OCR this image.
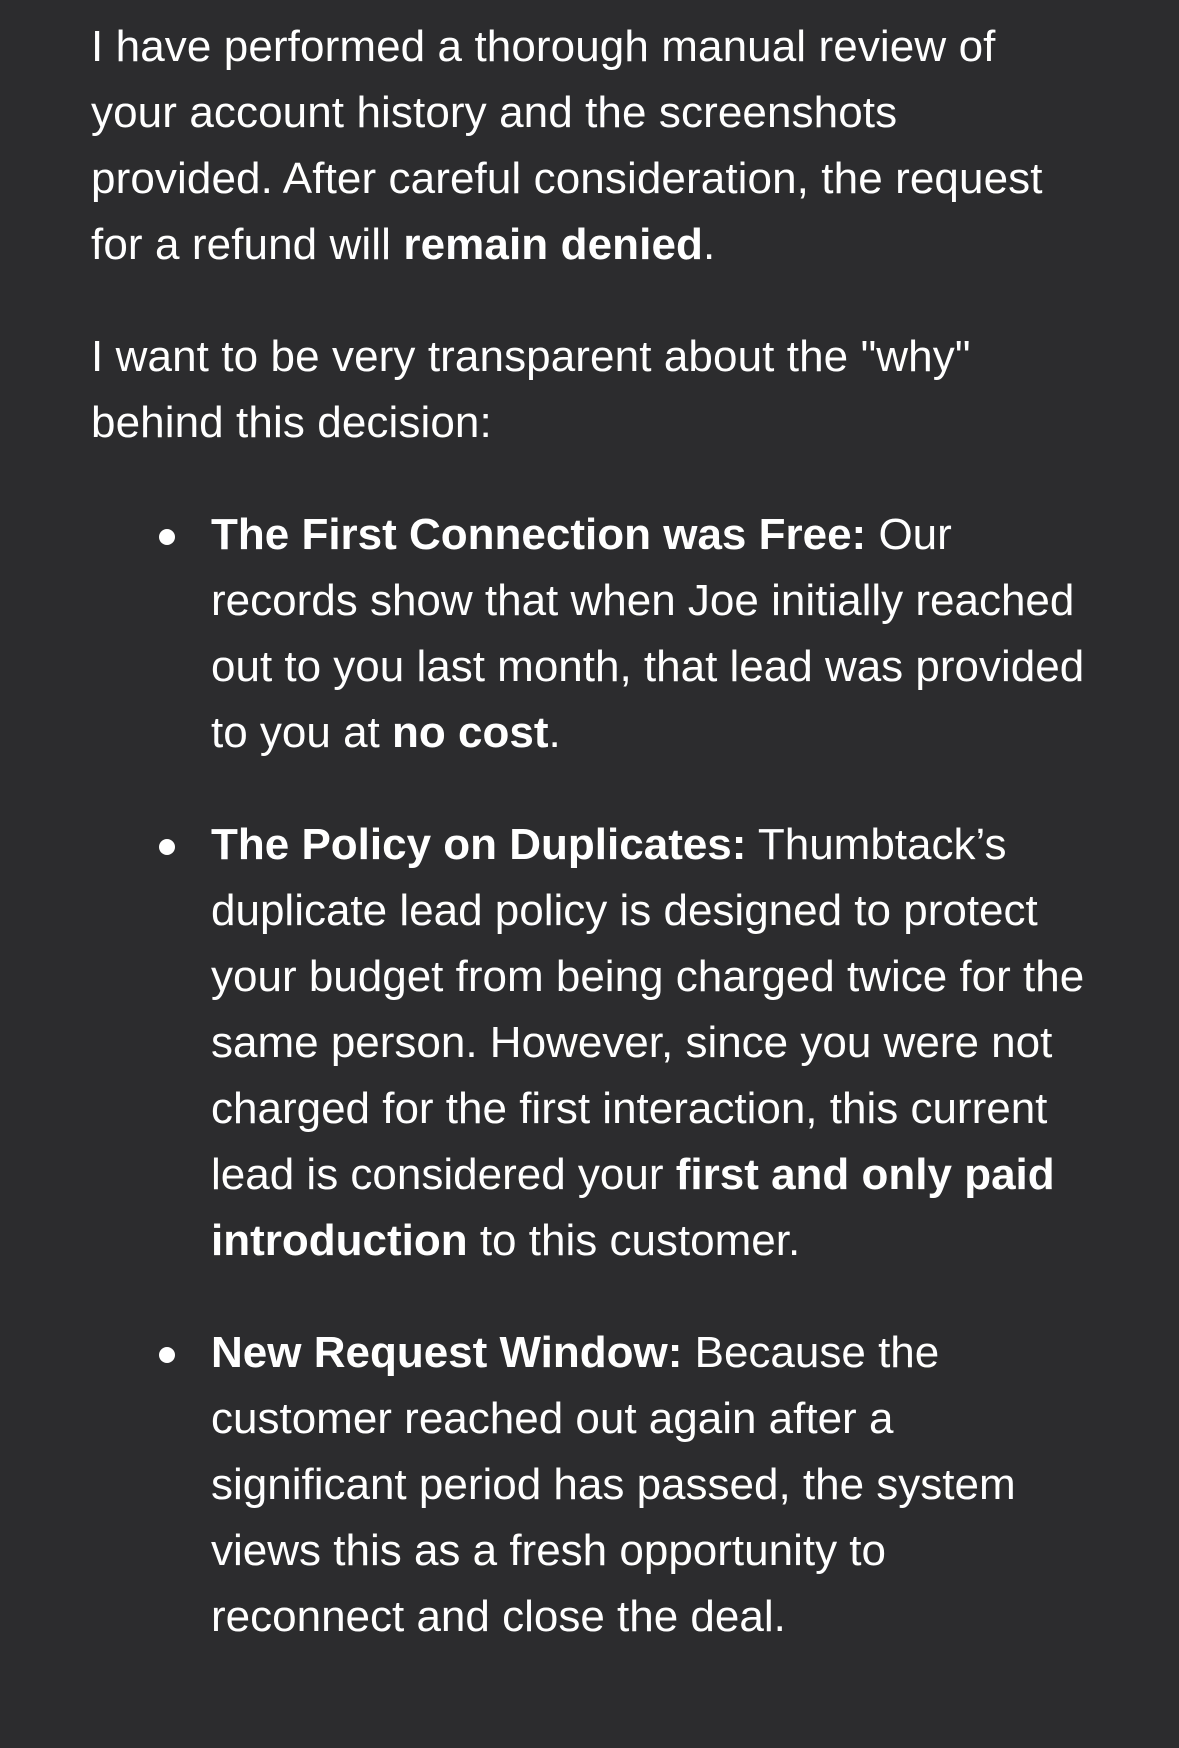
I have performed a thorough manual review of your account history and the screenshots provided. After careful consideration, the request for a refund will remain denied.

I want to be very transparent about the "why" behind this decision:

The First Connection was Free: Our records show that when Joe initially reached out to you last month, that lead was provided to you at no cost.
The Policy on Duplicates: Thumbtack’s duplicate lead policy is designed to protect your budget from being charged twice for the same person. However, since you were not charged for the first interaction, this current lead is considered your first and only paid introduction to this customer.
New Request Window: Because the customer reached out again after a significant period has passed, the system views this as a fresh opportunity to reconnect and close the deal.
